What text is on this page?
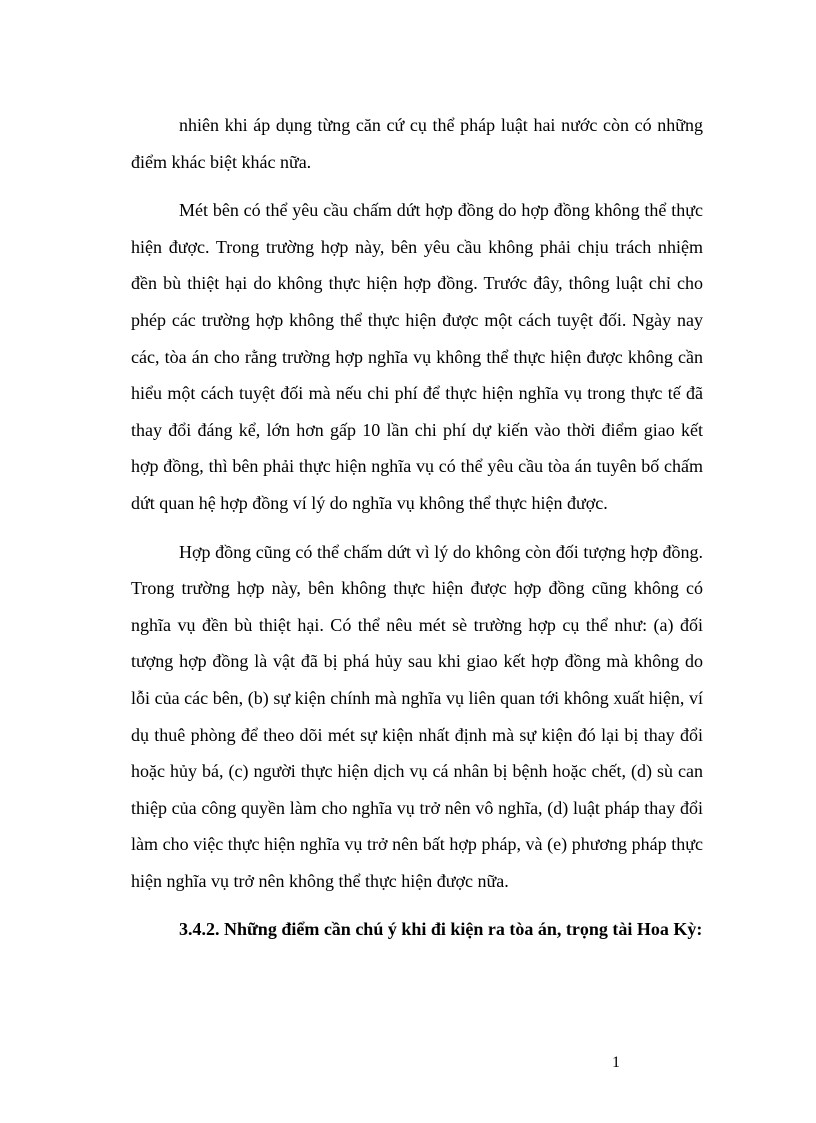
nhiên khi áp dụng từng căn cứ cụ thể pháp luật hai nước còn có những điểm khác biệt khác nữa.

Mét bên có thể yêu cầu chấm dứt hợp đồng do hợp đồng không thể thực hiện được. Trong trường hợp này, bên yêu cầu không phải chịu trách nhiệm đền bù thiệt hại do không thực hiện hợp đồng. Trước đây, thông luật chỉ cho phép các trường hợp không thể thực hiện được một cách tuyệt đối. Ngày nay các, tòa án cho rằng trường hợp nghĩa vụ không thể thực hiện được không cần hiểu một cách tuyệt đối mà nếu chi phí để thực hiện nghĩa vụ trong thực tế đã thay đổi đáng kể, lớn hơn gấp 10 lần chi phí dự kiến vào thời điểm giao kết hợp đồng, thì bên phải thực hiện nghĩa vụ có thể yêu cầu tòa án tuyên bố chấm dứt quan hệ hợp đồng ví lý do nghĩa vụ không thể thực hiện được.

Hợp đồng cũng có thể chấm dứt vì lý do không còn đối tượng hợp đồng. Trong trường hợp này, bên không thực hiện được hợp đồng cũng không có nghĩa vụ đền bù thiệt hại. Có thể nêu mét sè trường hợp cụ thể như: (a) đối tượng hợp đồng là vật đã bị phá hủy sau khi giao kết hợp đồng mà không do lỗi của các bên, (b) sự kiện chính mà nghĩa vụ liên quan tới không xuất hiện, ví dụ thuê phòng để theo dõi mét sự kiện nhất định mà sự kiện đó lại bị thay đổi hoặc hủy bá, (c) người thực hiện dịch vụ cá nhân bị bệnh hoặc chết, (d) sù can thiệp của công quyền làm cho nghĩa vụ trở nên vô nghĩa, (d) luật pháp thay đổi làm cho việc thực hiện nghĩa vụ trở nên bất hợp pháp, và (e) phương pháp thực hiện nghĩa vụ trở nên không thể thực hiện được nữa.

3.4.2. Những điểm cần chú ý khi đi kiện ra tòa án, trọng tài Hoa Kỳ:

1
